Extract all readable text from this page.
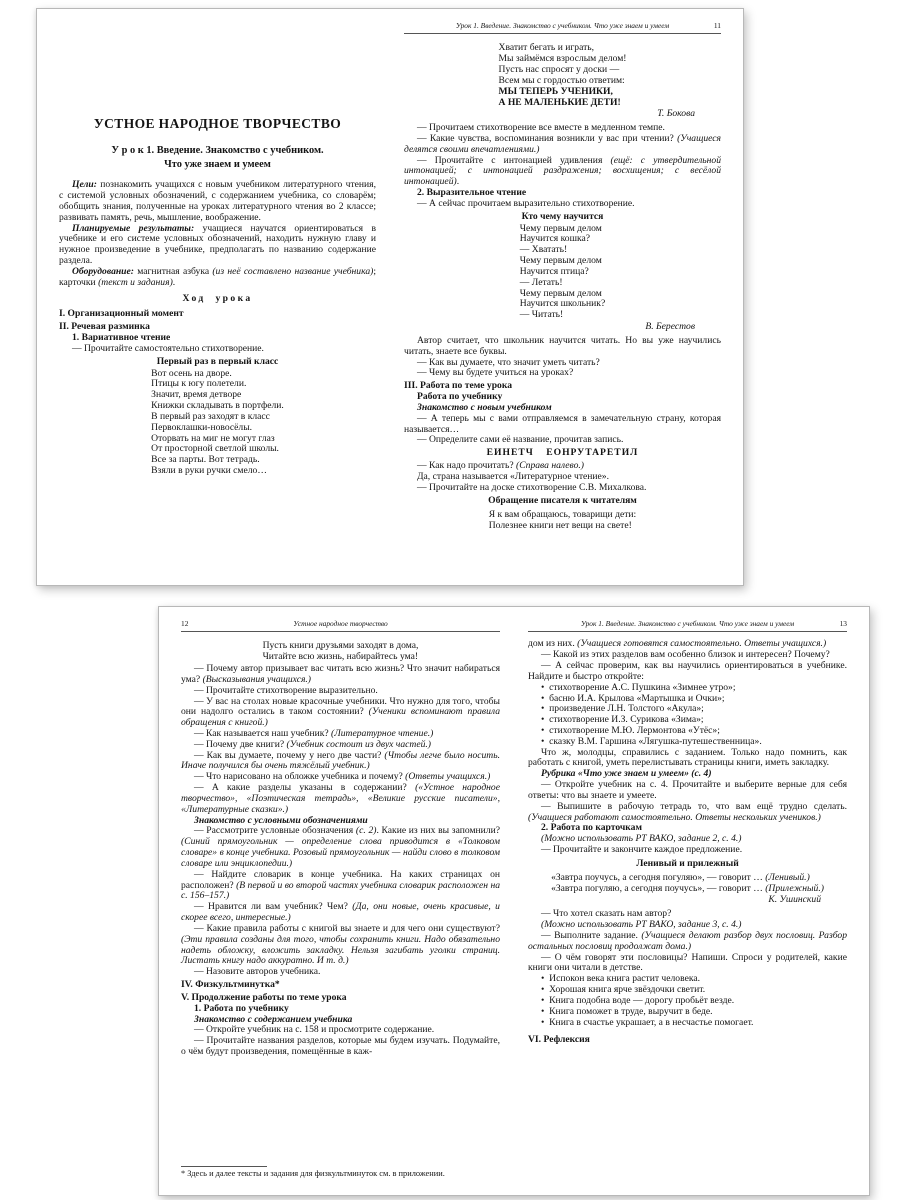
УСТНОЕ НАРОДНОЕ ТВОРЧЕСТВО
У р о к 1. Введение. Знакомство с учебником.
Что уже знаем и умеем
Цели: познакомить учащихся с новым учебником литературного чтения, с системой условных обозначений, с содержанием учебника, со словарём; обобщить знания, полученные на уроках литературного чтения во 2 классе; развивать память, речь, мышление, воображение.
Планируемые результаты: учащиеся научатся ориентироваться в учебнике и его системе условных обозначений, находить нужную главу и нужное произведение в учебнике, предполагать по названию содержание раздела.
Оборудование: магнитная азбука (из неё составлено название учебника); карточки (текст и задания).
Ход урока
I. Организационный момент
II. Речевая разминка
1. Вариативное чтение
— Прочитайте самостоятельно стихотворение.
Первый раз в первый класс
Вот осень на дворе.
Птицы к югу полетели.
Значит, время детворе
Книжки складывать в портфели.
В первый раз заходят в класс
Первоклашки-новосёлы.
Оторвать на миг не могут глаз
От просторной светлой школы.
Все за парты. Вот тетрадь.
Взяли в руки ручки смело…
Урок 1. Введение. Знакомство с учебником. Что уже знаем и умеем	11
Хватит бегать и играть,
Мы займёмся взрослым делом!
Пусть нас спросят у доски —
Всем мы с гордостью ответим:
МЫ ТЕПЕРЬ УЧЕНИКИ,
А НЕ МАЛЕНЬКИЕ ДЕТИ!
Т. Бокова
— Прочитаем стихотворение все вместе в медленном темпе.
— Какие чувства, воспоминания возникли у вас при чтении? (Учащиеся делятся своими впечатлениями.)
— Прочитайте с интонацией удивления (ещё: с утвердительной интонацией; с интонацией раздражения; восхищения; с весёлой интонацией).
2. Выразительное чтение
— А сейчас прочитаем выразительно стихотворение.
Кто чему научится
Чему первым делом
Научится кошка?
— Хватать!
Чему первым делом
Научится птица?
— Летать!
Чему первым делом
Научится школьник?
— Читать!
В. Берестов
Автор считает, что школьник научится читать. Но вы уже научились читать, знаете все буквы.
— Как вы думаете, что значит уметь читать?
— Чему вы будете учиться на уроках?
III. Работа по теме урока
Работа по учебнику
Знакомство с новым учебником
— А теперь мы с вами отправляемся в замечательную страну, которая называется…
— Определите сами её название, прочитав запись.
ЕИНЕТЧ ЕОНРУТАРЕТИЛ
— Как надо прочитать? (Справа налево.)
Да, страна называется «Литературное чтение».
— Прочитайте на доске стихотворение С.В. Михалкова.
Обращение писателя к читателям
Я к вам обращаюсь, товарищи дети:
Полезнее книги нет вещи на свете!
Устное народное творчество
12
Пусть книги друзьями заходят в дома,
Читайте всю жизнь, набирайтесь ума!
— Почему автор призывает вас читать всю жизнь? Что значит набираться ума? (Высказывания учащихся.)
— Прочитайте стихотворение выразительно.
— У вас на столах новые красочные учебники. Что нужно для того, чтобы они надолго остались в таком состоянии? (Ученики вспоминают правила обращения с книгой.)
— Как называется наш учебник? (Литературное чтение.)
— Почему две книги? (Учебник состоит из двух частей.)
— Как вы думаете, почему у него две части? (Чтобы легче было носить. Иначе получился бы очень тяжёлый учебник.)
— Что нарисовано на обложке учебника и почему? (Ответы учащихся.)
— А какие разделы указаны в содержании? («Устное народное творчество», «Поэтическая тетрадь», «Великие русские писатели», «Литературные сказки».)
Знакомство с условными обозначениями
— Рассмотрите условные обозначения (с. 2). Какие из них вы запомнили? (Синий прямоугольник — определение слова приводится в «Толковом словаре» в конце учебника. Розовый прямоугольник — найди слово в толковом словаре или энциклопедии.)
— Найдите словарик в конце учебника. На каких страницах он расположен? (В первой и во второй частях учебника словарик расположен на с. 156–157.)
— Нравится ли вам учебник? Чем? (Да, они новые, очень красивые, и скорее всего, интересные.)
— Какие правила работы с книгой вы знаете и для чего они существуют? (Эти правила созданы для того, чтобы сохранить книги. Надо обязательно надеть обложку, вложить закладку. Нельзя загибать уголки страниц. Листать книгу надо аккуратно. И т. д.)
— Назовите авторов учебника.
IV. Физкультминутка*
V. Продолжение работы по теме урока
1. Работа по учебнику
Знакомство с содержанием учебника
— Откройте учебник на с. 158 и просмотрите содержание.
— Прочитайте названия разделов, которые мы будем изучать. Подумайте, о чём будут произведения, помещённые в каж-
* Здесь и далее тексты и задания для физкультминуток см. в приложении.
Урок 1. Введение. Знакомство с учебником. Что уже знаем и умеем	13
дом из них. (Учащиеся готовятся самостоятельно. Ответы учащихся.)
— Какой из этих разделов вам особенно близок и интересен? Почему?
— А сейчас проверим, как вы научились ориентироваться в учебнике. Найдите и быстро откройте:
• стихотворение А.С. Пушкина «Зимнее утро»;
• басню И.А. Крылова «Мартышка и Очки»;
• произведение Л.Н. Толстого «Акула»;
• стихотворение И.З. Сурикова «Зима»;
• стихотворение М.Ю. Лермонтова «Утёс»;
• сказку В.М. Гаршина «Лягушка-путешественница».
Что ж, молодцы, справились с заданием. Только надо помнить, как работать с книгой, уметь перелистывать страницы книги, иметь закладку.
Рубрика «Что уже знаем и умеем» (с. 4)
— Откройте учебник на с. 4. Прочитайте и выберите верные для себя ответы: что вы знаете и умеете.
— Выпишите в рабочую тетрадь то, что вам ещё трудно сделать. (Учащиеся работают самостоятельно. Ответы нескольких учеников.)
2. Работа по карточкам
(Можно использовать РТ ВАКО, задание 2, с. 4.)
— Прочитайте и закончите каждое предложение.
Ленивый и прилежный
«Завтра поучусь, а сегодня погуляю», — говорит … (Ленивый.)
«Завтра погуляю, а сегодня поучусь», — говорит … (Прилежный.)
К. Ушинский
— Что хотел сказать нам автор?
(Можно использовать РТ ВАКО, задание 3, с. 4.)
— Выполните задание. (Учащиеся делают разбор двух пословиц. Разбор остальных пословиц продолжат дома.)
— О чём говорят эти пословицы? Напиши. Спроси у родителей, какие книги они читали в детстве.
• Испокон века книга растит человека.
• Хорошая книга ярче звёздочки светит.
• Книга подобна воде — дорогу пробьёт везде.
• Книга поможет в труде, выручит в беде.
• Книга в счастье украшает, а в несчастье помогает.
VI. Рефлексия
